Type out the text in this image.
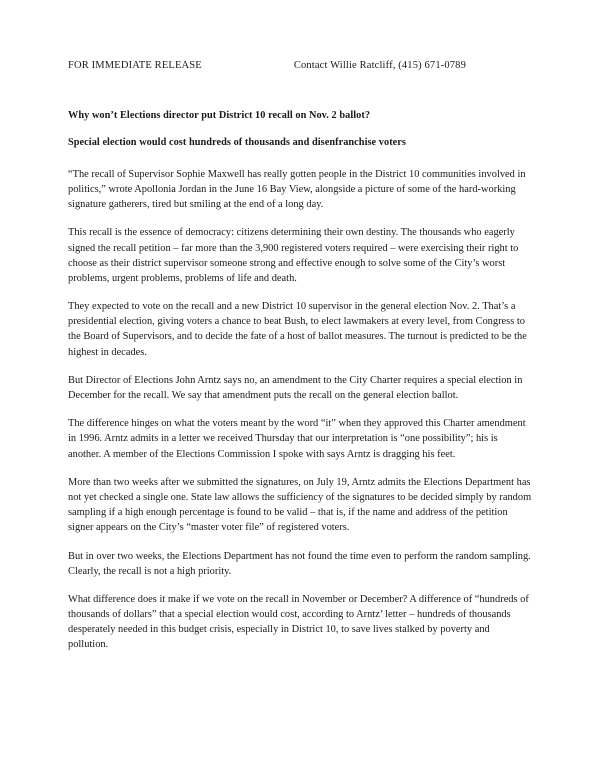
FOR IMMEDIATE RELEASE	Contact Willie Ratcliff, (415) 671-0789
Why won’t Elections director put District 10 recall on Nov. 2 ballot?
Special election would cost hundreds of thousands and disenfranchise voters

“The recall of Supervisor Sophie Maxwell has really gotten people in the District 10 communities involved in politics,” wrote Apollonia Jordan in the June 16 Bay View, alongside a picture of some of the hard-working signature gatherers, tired but smiling at the end of a long day.

This recall is the essence of democracy: citizens determining their own destiny. The thousands who eagerly signed the recall petition – far more than the 3,900 registered voters required – were exercising their right to choose as their district supervisor someone strong and effective enough to solve some of the City’s worst problems, urgent problems, problems of life and death.

They expected to vote on the recall and a new District 10 supervisor in the general election Nov. 2. That’s a presidential election, giving voters a chance to beat Bush, to elect lawmakers at every level, from Congress to the Board of Supervisors, and to decide the fate of a host of ballot measures. The turnout is predicted to be the highest in decades.

But Director of Elections John Arntz says no, an amendment to the City Charter requires a special election in December for the recall. We say that amendment puts the recall on the general election ballot.

The difference hinges on what the voters meant by the word “it” when they approved this Charter amendment in 1996. Arntz admits in a letter we received Thursday that our interpretation is “one possibility”; his is another. A member of the Elections Commission I spoke with says Arntz is dragging his feet.

More than two weeks after we submitted the signatures, on July 19, Arntz admits the Elections Department has not yet checked a single one. State law allows the sufficiency of the signatures to be decided simply by random sampling if a high enough percentage is found to be valid – that is, if the name and address of the petition signer appears on the City’s “master voter file” of registered voters.

But in over two weeks, the Elections Department has not found the time even to perform the random sampling. Clearly, the recall is not a high priority.

What difference does it make if we vote on the recall in November or December? A difference of “hundreds of thousands of dollars” that a special election would cost, according to Arntz’ letter – hundreds of thousands desperately needed in this budget crisis, especially in District 10, to save lives stalked by poverty and pollution.
